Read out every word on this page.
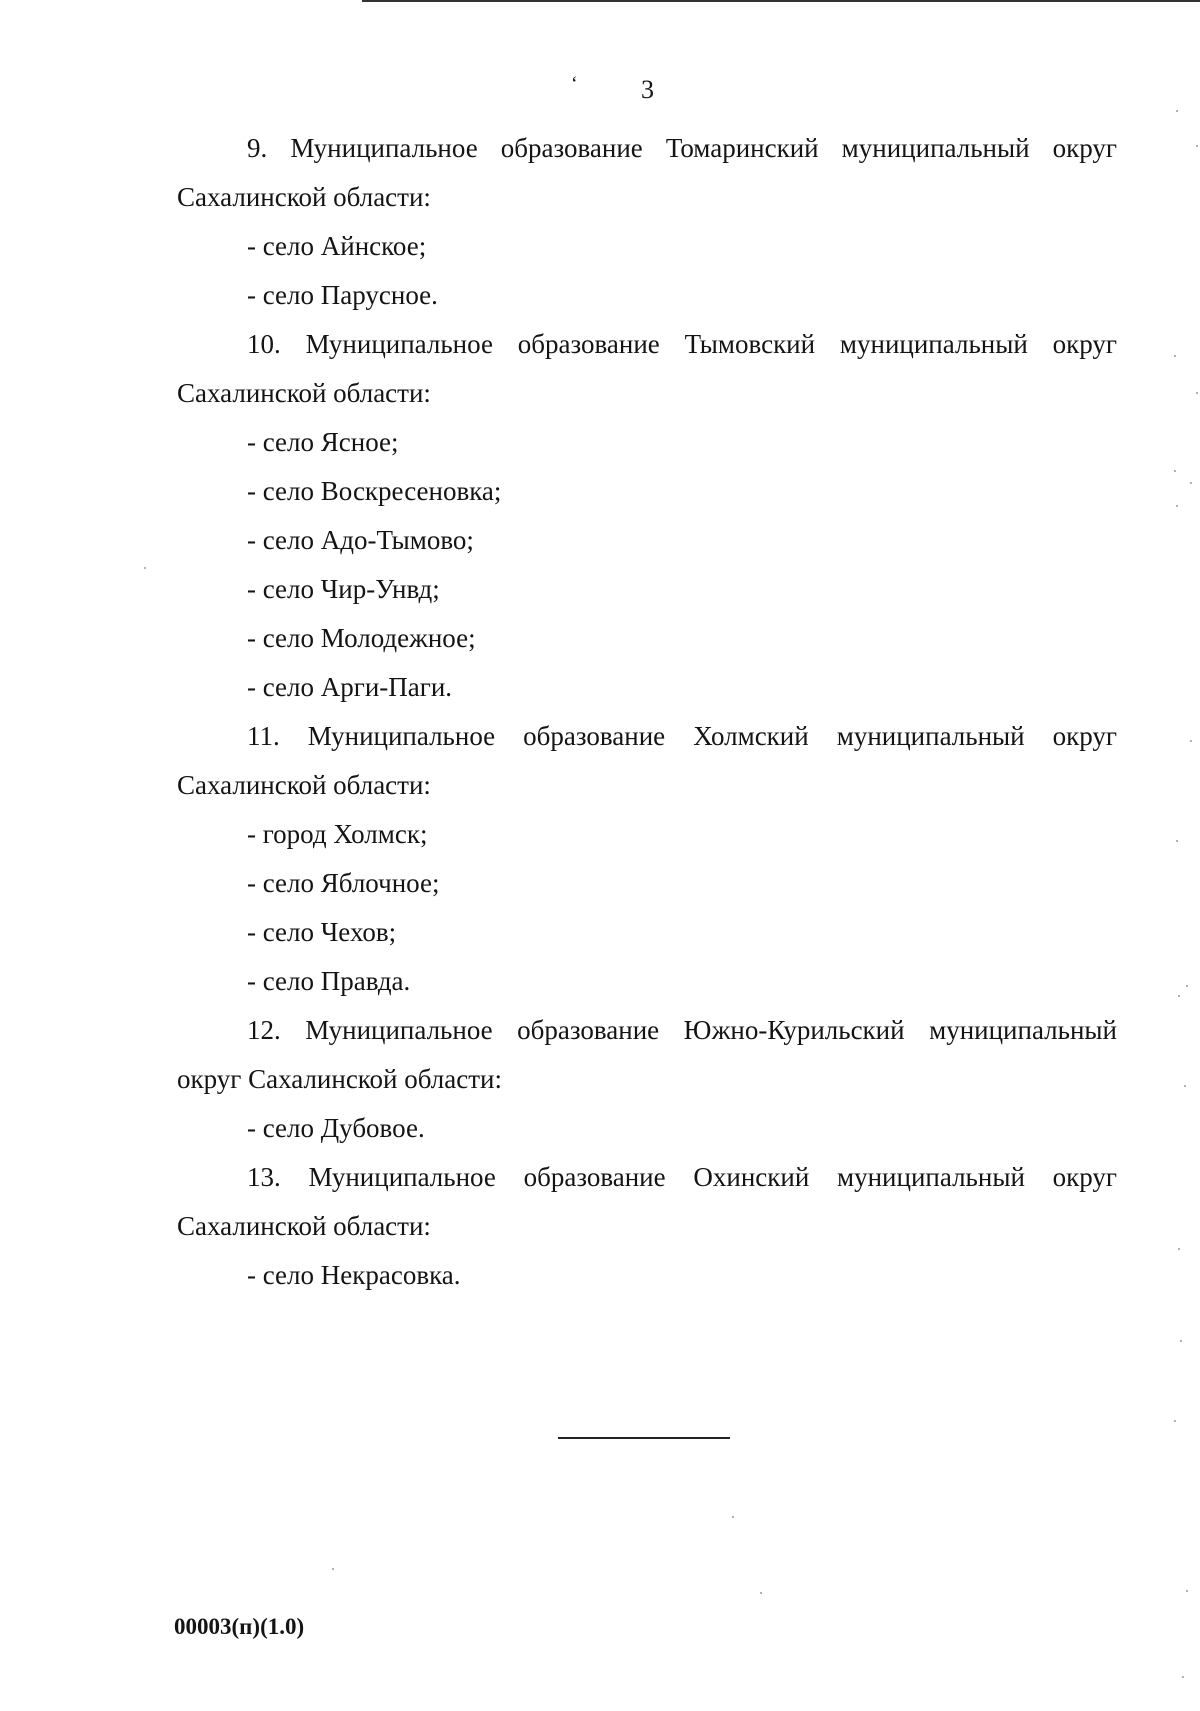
ʻ	3

9. Муниципальное образование Томаринский муниципальный округ

Сахалинской области:

- село Айнское;

- село Парусное.

10. Муниципальное образование Тымовский муниципальный округ

Сахалинской области:

- село Ясное;

- село Воскресеновка;

- село Адо-Тымово;

- село Чир-Унвд;

- село Молодежное;

- село Арги-Паги.

11. Муниципальное образование Холмский муниципальный округ

Сахалинской области:

- город Холмск;

- село Яблочное;

- село Чехов;

- село Правда.

12. Муниципальное образование Южно-Курильский муниципальный

округ Сахалинской области:

- село Дубовое.

13. Муниципальное образование Охинский муниципальный округ

Сахалинской области:

- село Некрасовка.

00003(п)(1.0)
